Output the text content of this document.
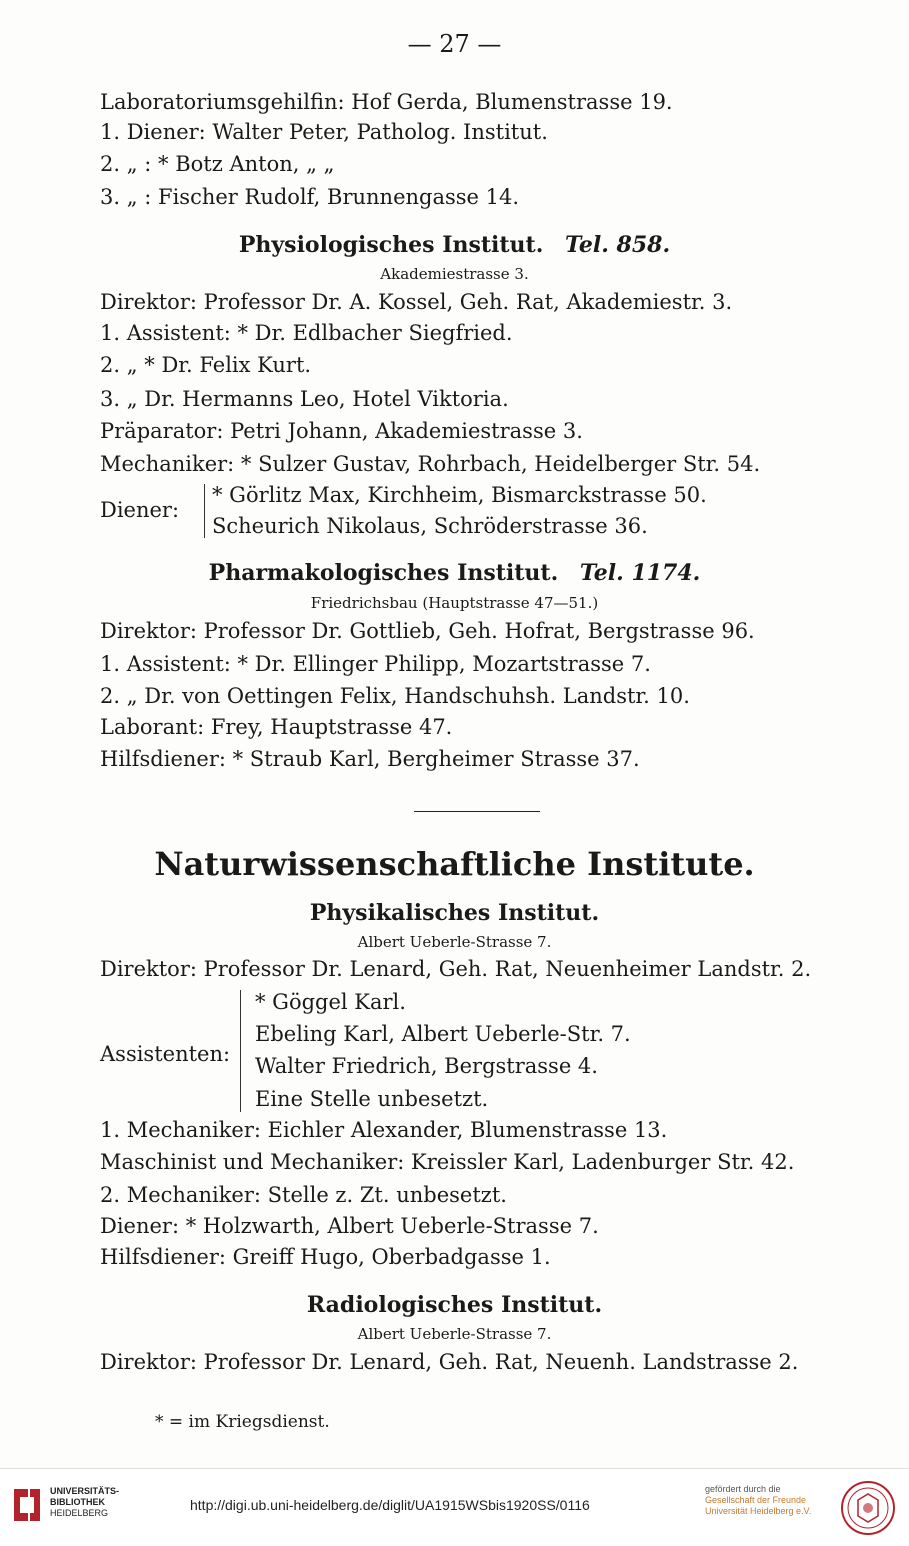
— 27 —
Laboratoriumsgehilfin: Hof Gerda, Blumenstrasse 19.
1. Diener: Walter Peter, Patholog. Institut.
2. „ : * Botz Anton, „ „
3. „ : Fischer Rudolf, Brunnengasse 14.
Physiologisches Institut. Tel. 858.
Akademiestrasse 3.
Direktor: Professor Dr. A. Kossel, Geh. Rat, Akademiestr. 3.
1. Assistent: * Dr. Edlbacher Siegfried.
2. „ * Dr. Felix Kurt.
3. „ Dr. Hermanns Leo, Hotel Viktoria.
Präparator: Petri Johann, Akademiestrasse 3.
Mechaniker: * Sulzer Gustav, Rohrbach, Heidelberger Str. 54.
Diener:
* Görlitz Max, Kirchheim, Bismarckstrasse 50.
Scheurich Nikolaus, Schröderstrasse 36.
Pharmakologisches Institut. Tel. 1174.
Friedrichsbau (Hauptstrasse 47—51.)
Direktor: Professor Dr. Gottlieb, Geh. Hofrat, Bergstrasse 96.
1. Assistent: * Dr. Ellinger Philipp, Mozartstrasse 7.
2. „ Dr. von Oettingen Felix, Handschuhsh. Landstr. 10.
Laborant: Frey, Hauptstrasse 47.
Hilfsdiener: * Straub Karl, Bergheimer Strasse 37.
Naturwissenschaftliche Institute.
Physikalisches Institut.
Albert Ueberle-Strasse 7.
Direktor: Professor Dr. Lenard, Geh. Rat, Neuenheimer Landstr. 2.
Assistenten:
* Göggel Karl.
Ebeling Karl, Albert Ueberle-Str. 7.
Walter Friedrich, Bergstrasse 4.
Eine Stelle unbesetzt.
1. Mechaniker: Eichler Alexander, Blumenstrasse 13.
Maschinist und Mechaniker: Kreissler Karl, Ladenburger Str. 42.
2. Mechaniker: Stelle z. Zt. unbesetzt.
Diener: * Holzwarth, Albert Ueberle-Strasse 7.
Hilfsdiener: Greiff Hugo, Oberbadgasse 1.
Radiologisches Institut.
Albert Ueberle-Strasse 7.
Direktor: Professor Dr. Lenard, Geh. Rat, Neuenh. Landstrasse 2.
* = im Kriegsdienst.
UNIVERSITÄTS-
BIBLIOTHEK
HEIDELBERG	http://digi.ub.uni-heidelberg.de/diglit/UA1915WSbis1920SS/0116
gefördert durch die
Gesellschaft der Freunde
Universität Heidelberg e.V.
